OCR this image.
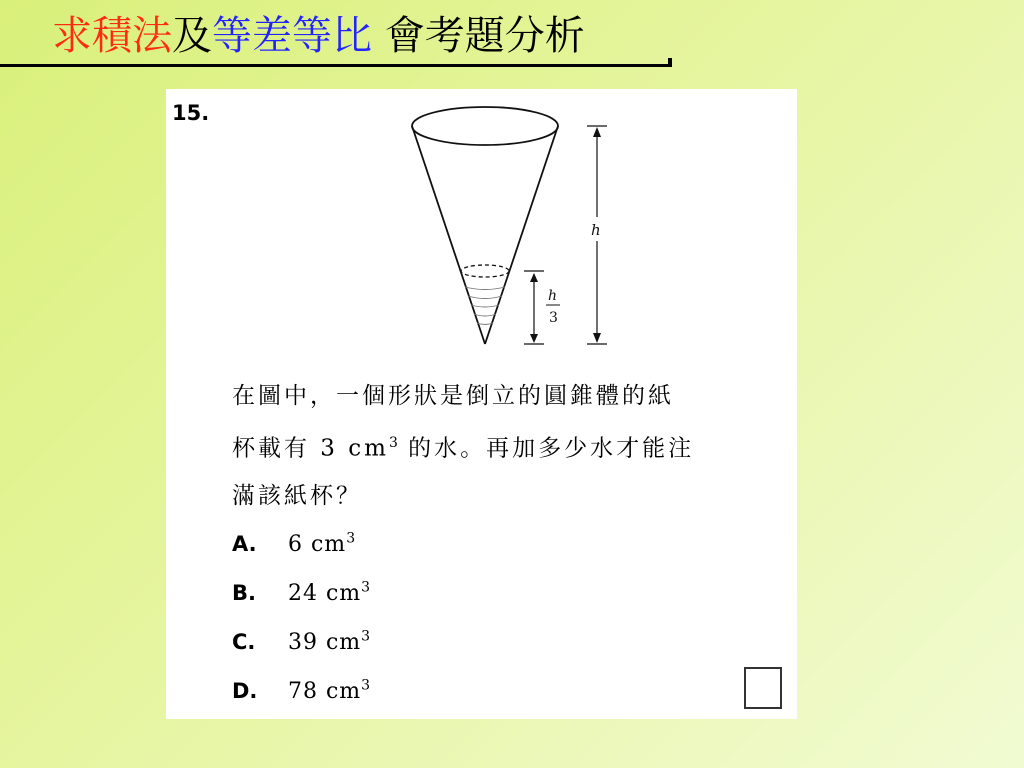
求積法及等差等比 會考題分析
15.
h
h
3
在圖中，一個形狀是倒立的圓錐體的紙
杯載有 3 $cm^3$ 的水。再加多少水才能注
滿該紙杯？
A. 6 $cm^3$
B. 24 $cm^3$
C. 39 $cm^3$
D. 78 $cm^3$
